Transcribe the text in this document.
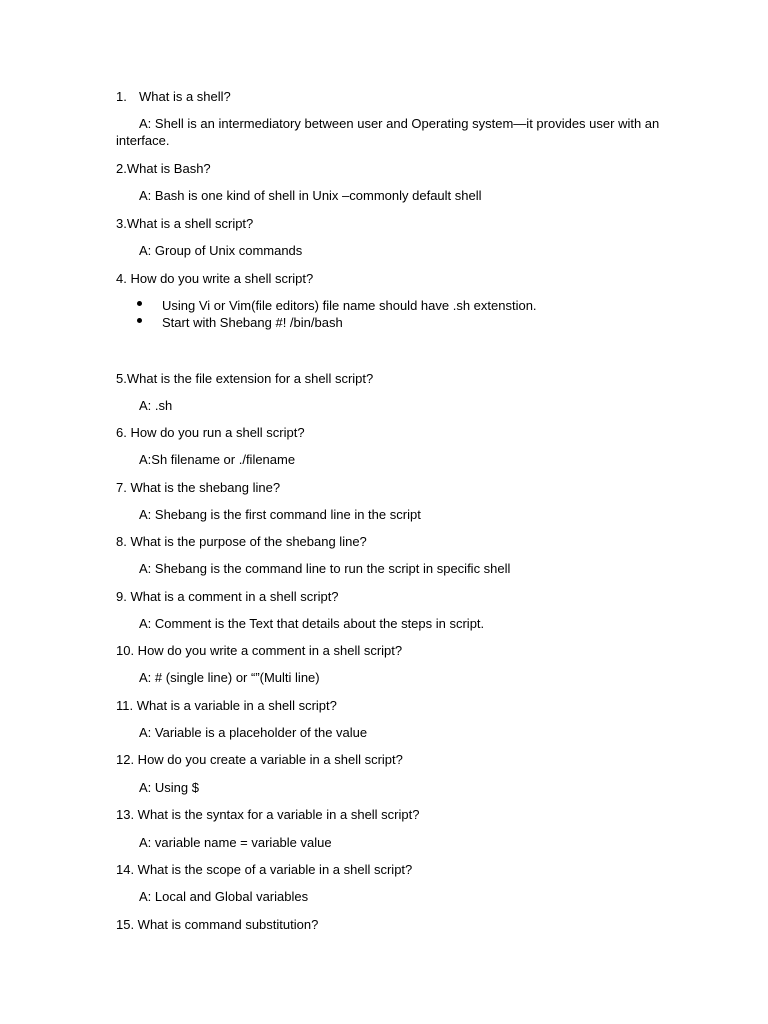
1. What is a shell?
A: Shell is an intermediatory between user and Operating system—it provides user with an interface.
2.What is Bash?
A: Bash is one kind of shell in Unix –commonly default shell
3.What is a shell script?
A: Group of Unix commands
4. How do you write a shell script?
Using Vi or Vim(file editors) file name should have .sh extenstion.
Start with Shebang #! /bin/bash
5.What is the file extension for a shell script?
A: .sh
6. How do you run a shell script?
A:Sh filename or ./filename
7. What is the shebang line?
A: Shebang is the first command line in the script
8. What is the purpose of the shebang line?
A: Shebang is the command line to run the script in specific shell
9. What is a comment in a shell script?
A: Comment is the Text that details about the steps in script.
10. How do you write a comment in a shell script?
A: # (single line) or “”(Multi line)
11. What is a variable in a shell script?
A: Variable is a placeholder of the value
12. How do you create a variable in a shell script?
A: Using $
13. What is the syntax for a variable in a shell script?
A: variable name = variable value
14. What is the scope of a variable in a shell script?
A: Local and Global variables
15. What is command substitution?
